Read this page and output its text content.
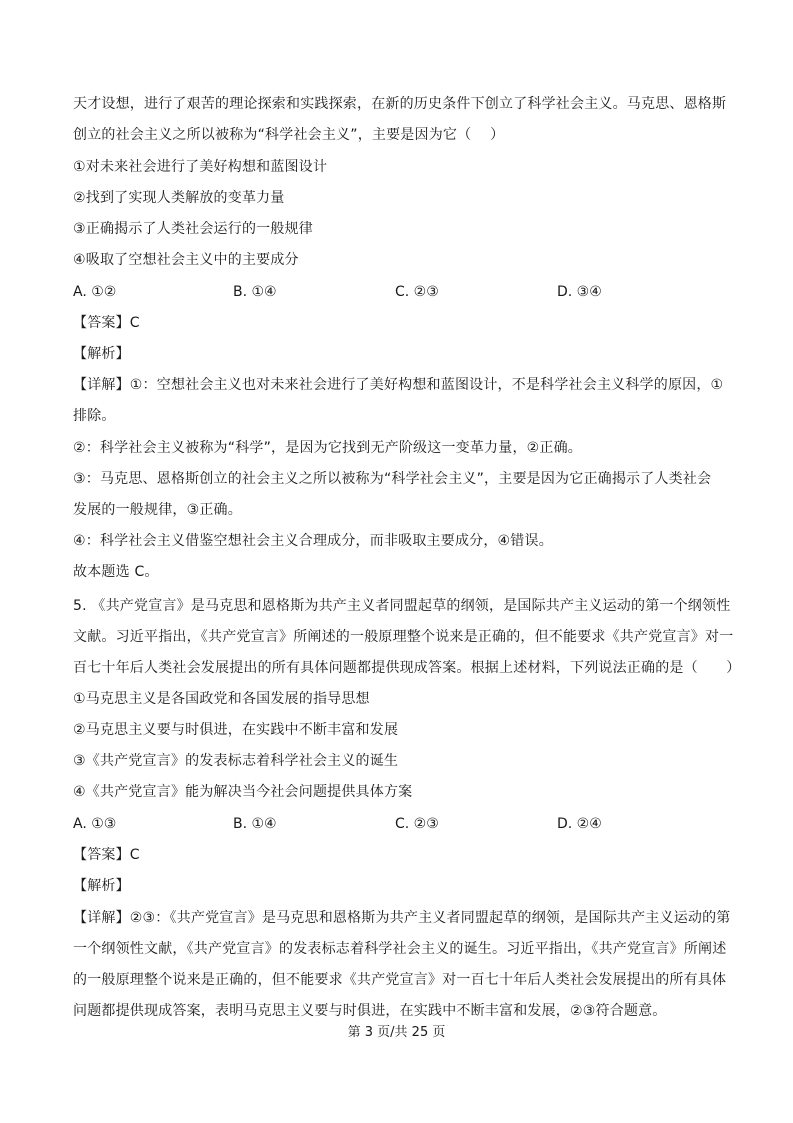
天才设想，进行了艰苦的理论探索和实践探索，在新的历史条件下创立了科学社会主义。马克思、恩格斯
创立的社会主义之所以被称为“科学社会主义”，主要是因为它（　 ）
①对未来社会进行了美好构想和蓝图设计
②找到了实现人类解放的变革力量
③正确揭示了人类社会运行的一般规律
④吸取了空想社会主义中的主要成分
A. ①②	B. ①④	C. ②③	D. ③④
【答案】C
【解析】
【详解】①：空想社会主义也对未来社会进行了美好构想和蓝图设计，不是科学社会主义科学的原因，①
排除。
②：科学社会主义被称为“科学”，是因为它找到无产阶级这一变革力量，②正确。
③：马克思、恩格斯创立的社会主义之所以被称为“科学社会主义”，主要是因为它正确揭示了人类社会
发展的一般规律，③正确。
④：科学社会主义借鉴空想社会主义合理成分，而非吸取主要成分，④错误。
故本题选 C。
5. 《共产党宣言》是马克思和恩格斯为共产主义者同盟起草的纲领，是国际共产主义运动的第一个纲领性
文献。习近平指出，《共产党宣言》所阐述的一般原理整个说来是正确的，但不能要求《共产党宣言》对一
百七十年后人类社会发展提出的所有具体问题都提供现成答案。根据上述材料，下列说法正确的是（　　）
①马克思主义是各国政党和各国发展的指导思想
②马克思主义要与时俱进，在实践中不断丰富和发展
③《共产党宣言》的发表标志着科学社会主义的诞生
④《共产党宣言》能为解决当今社会问题提供具体方案
A. ①③	B. ①④	C. ②③	D. ②④
【答案】C
【解析】
【详解】②③：《共产党宣言》是马克思和恩格斯为共产主义者同盟起草的纲领，是国际共产主义运动的第
一个纲领性文献，《共产党宣言》的发表标志着科学社会主义的诞生。习近平指出，《共产党宣言》所阐述
的一般原理整个说来是正确的，但不能要求《共产党宣言》对一百七十年后人类社会发展提出的所有具体
问题都提供现成答案，表明马克思主义要与时俱进，在实践中不断丰富和发展，②③符合题意。
第 3 页/共 25 页
